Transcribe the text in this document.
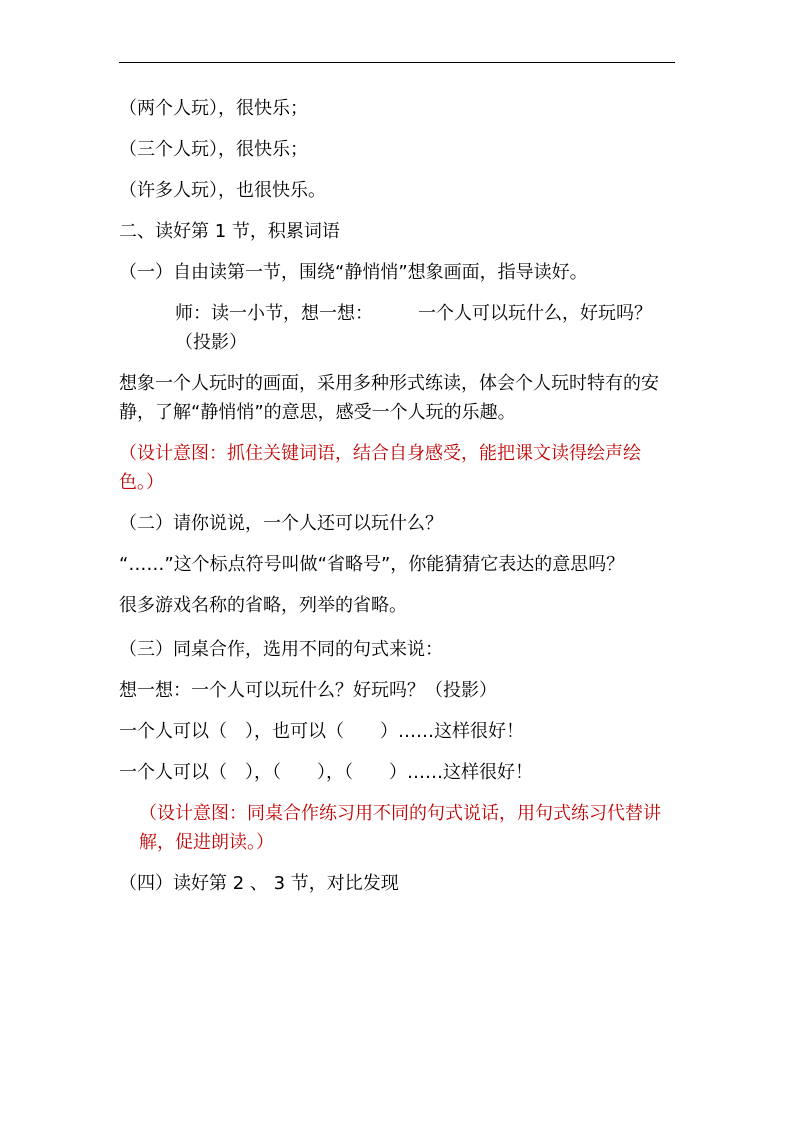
（两个人玩），很快乐；

（三个人玩），很快乐；

（许多人玩），也很快乐。

二、读好第 1 节，积累词语

（一）自由读第一节，围绕“静悄悄”想象画面，指导读好。

师：读一小节，想一想：　　　一个人可以玩什么，好玩吗？（投影）

想象一个人玩时的画面，采用多种形式练读，体会个人玩时特有的安静，了解“静悄悄”的意思，感受一个人玩的乐趣。

（设计意图：抓住关键词语，结合自身感受，能把课文读得绘声绘色。）

（二）请你说说，一个人还可以玩什么？

“……”这个标点符号叫做“省略号”，你能猜猜它表达的意思吗？

很多游戏名称的省略，列举的省略。

（三）同桌合作，选用不同的句式来说：

想一想：一个人可以玩什么？好玩吗？（投影）

一个人可以（　），也可以（　　）……这样很好！

一个人可以（　），（　　），（　　）……这样很好！

（设计意图：同桌合作练习用不同的句式说话，用句式练习代替讲解，促进朗读。）

（四）读好第 2 、 3 节，对比发现
